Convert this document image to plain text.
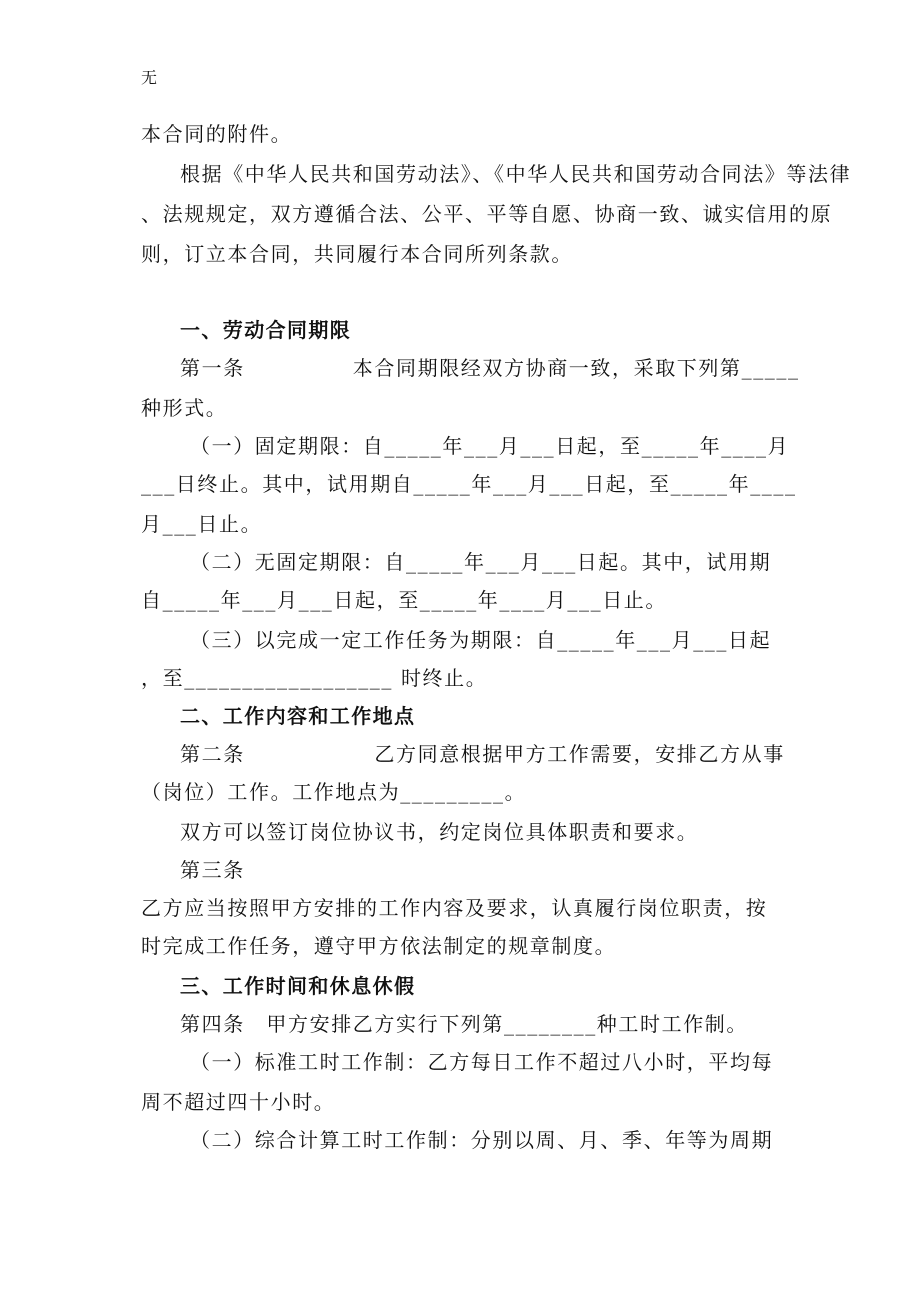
无
本合同的附件。
根据《中华人民共和国劳动法》、《中华人民共和国劳动合同法》等法律
、法规规定，双方遵循合法、公平、平等自愿、协商一致、诚实信用的原
则，订立本合同，共同履行本合同所列条款。
一、劳动合同期限
第一条　　　　　本合同期限经双方协商一致，采取下列第_____
种形式。
（一）固定期限：自_____年___月___日起，至_____年____月
___日终止。其中，试用期自_____年___月___日起，至_____年____
月___日止。
（二）无固定期限：自_____年___月___日起。其中，试用期
自_____年___月___日起，至_____年____月___日止。
（三）以完成一定工作任务为期限：自_____年___月___日起
，至__________________ 时终止。
二、工作内容和工作地点
第二条　　　　　　乙方同意根据甲方工作需要，安排乙方从事
（岗位）工作。工作地点为_________。
双方可以签订岗位协议书，约定岗位具体职责和要求。
第三条
乙方应当按照甲方安排的工作内容及要求，认真履行岗位职责，按
时完成工作任务，遵守甲方依法制定的规章制度。
三、工作时间和休息休假
第四条　甲方安排乙方实行下列第________种工时工作制。
（一）标准工时工作制：乙方每日工作不超过八小时，平均每
周不超过四十小时。
（二）综合计算工时工作制：分别以周、月、季、年等为周期
